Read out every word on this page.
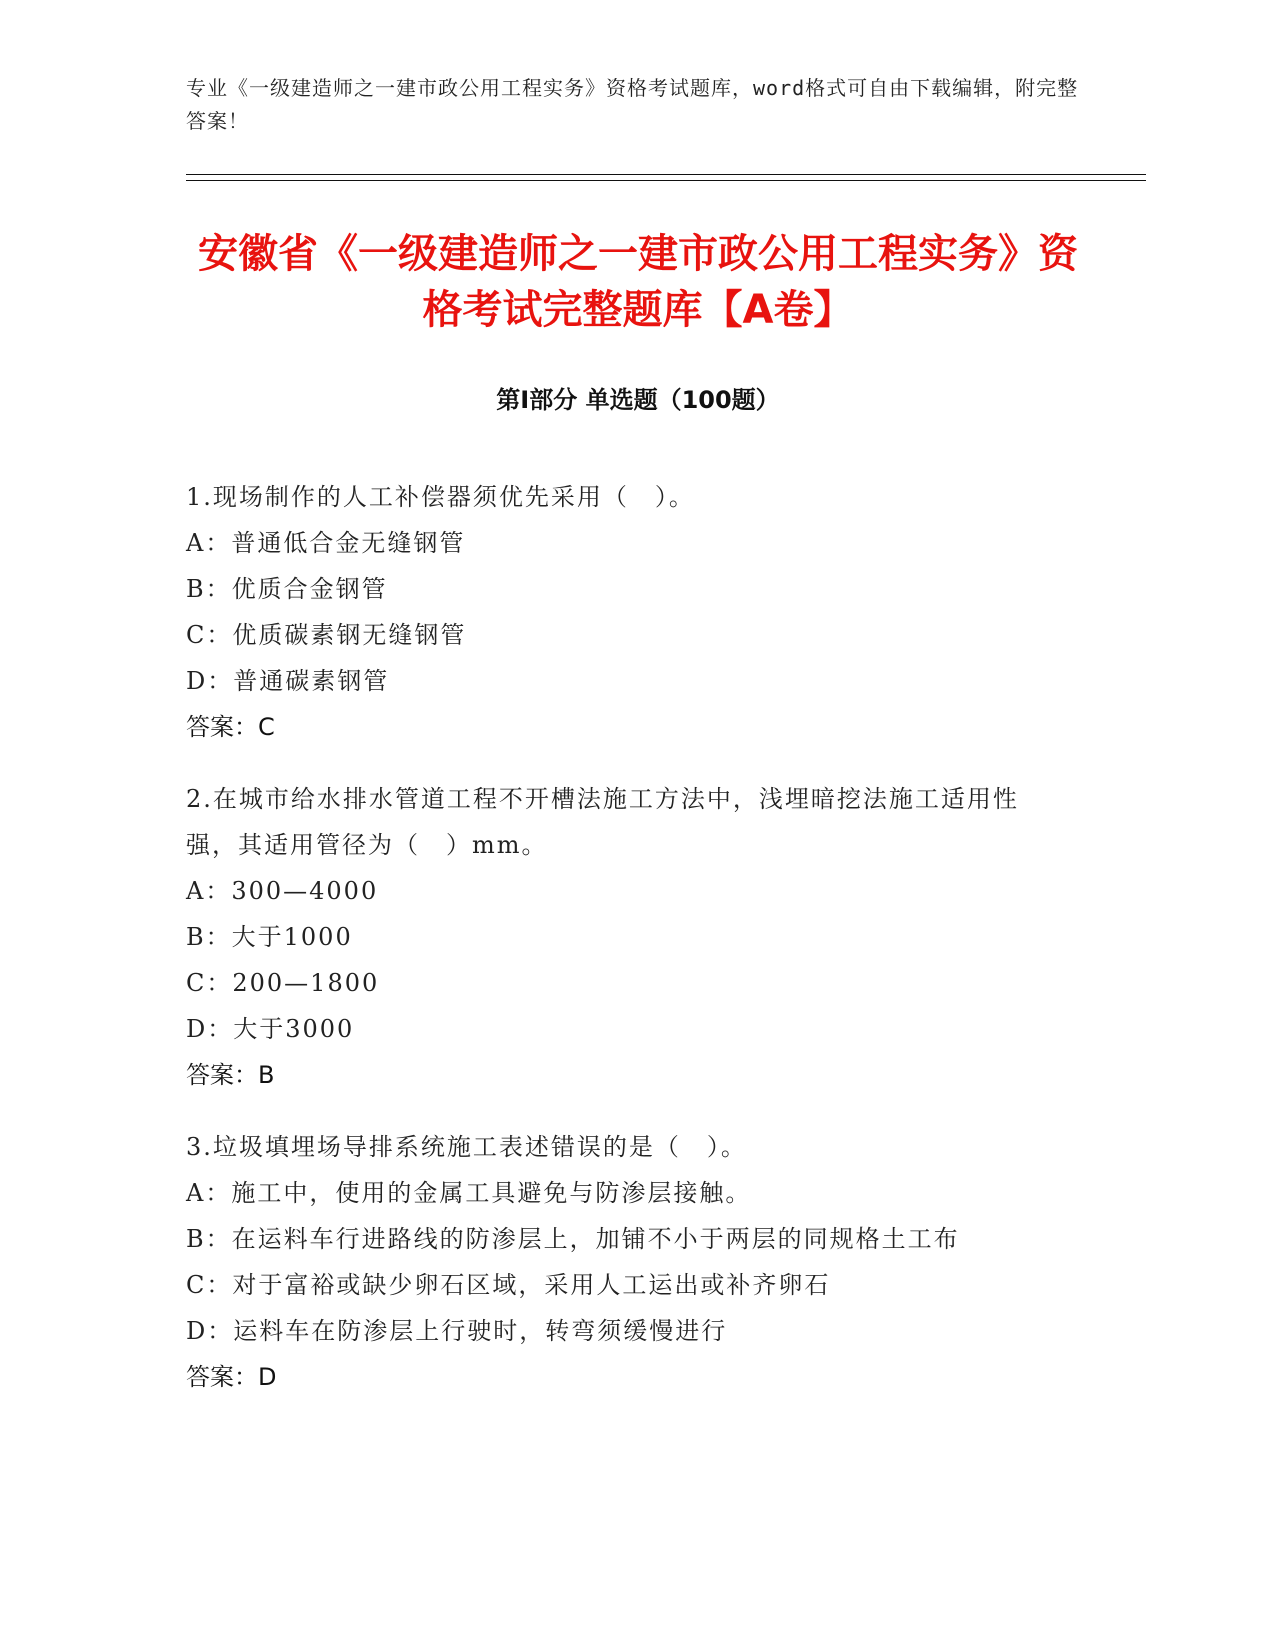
专业《一级建造师之一建市政公用工程实务》资格考试题库，word格式可自由下载编辑，附完整答案！

安徽省《一级建造师之一建市政公用工程实务》资格考试完整题库【A卷】
第Ⅰ部分 单选题（100题）

1.现场制作的人工补偿器须优先采用（　）。

A：普通低合金无缝钢管

B：优质合金钢管

C：优质碳素钢无缝钢管

D：普通碳素钢管

答案：C

2.在城市给水排水管道工程不开槽法施工方法中，浅埋暗挖法施工适用性强，其适用管径为（　）mm。

A：300—4000

B：大于1000

C：200—1800

D：大于3000

答案：B

3.垃圾填埋场导排系统施工表述错误的是（　）。

A：施工中，使用的金属工具避免与防渗层接触。

B：在运料车行进路线的防渗层上，加铺不小于两层的同规格土工布

C：对于富裕或缺少卵石区域，采用人工运出或补齐卵石

D：运料车在防渗层上行驶时，转弯须缓慢进行

答案：D
